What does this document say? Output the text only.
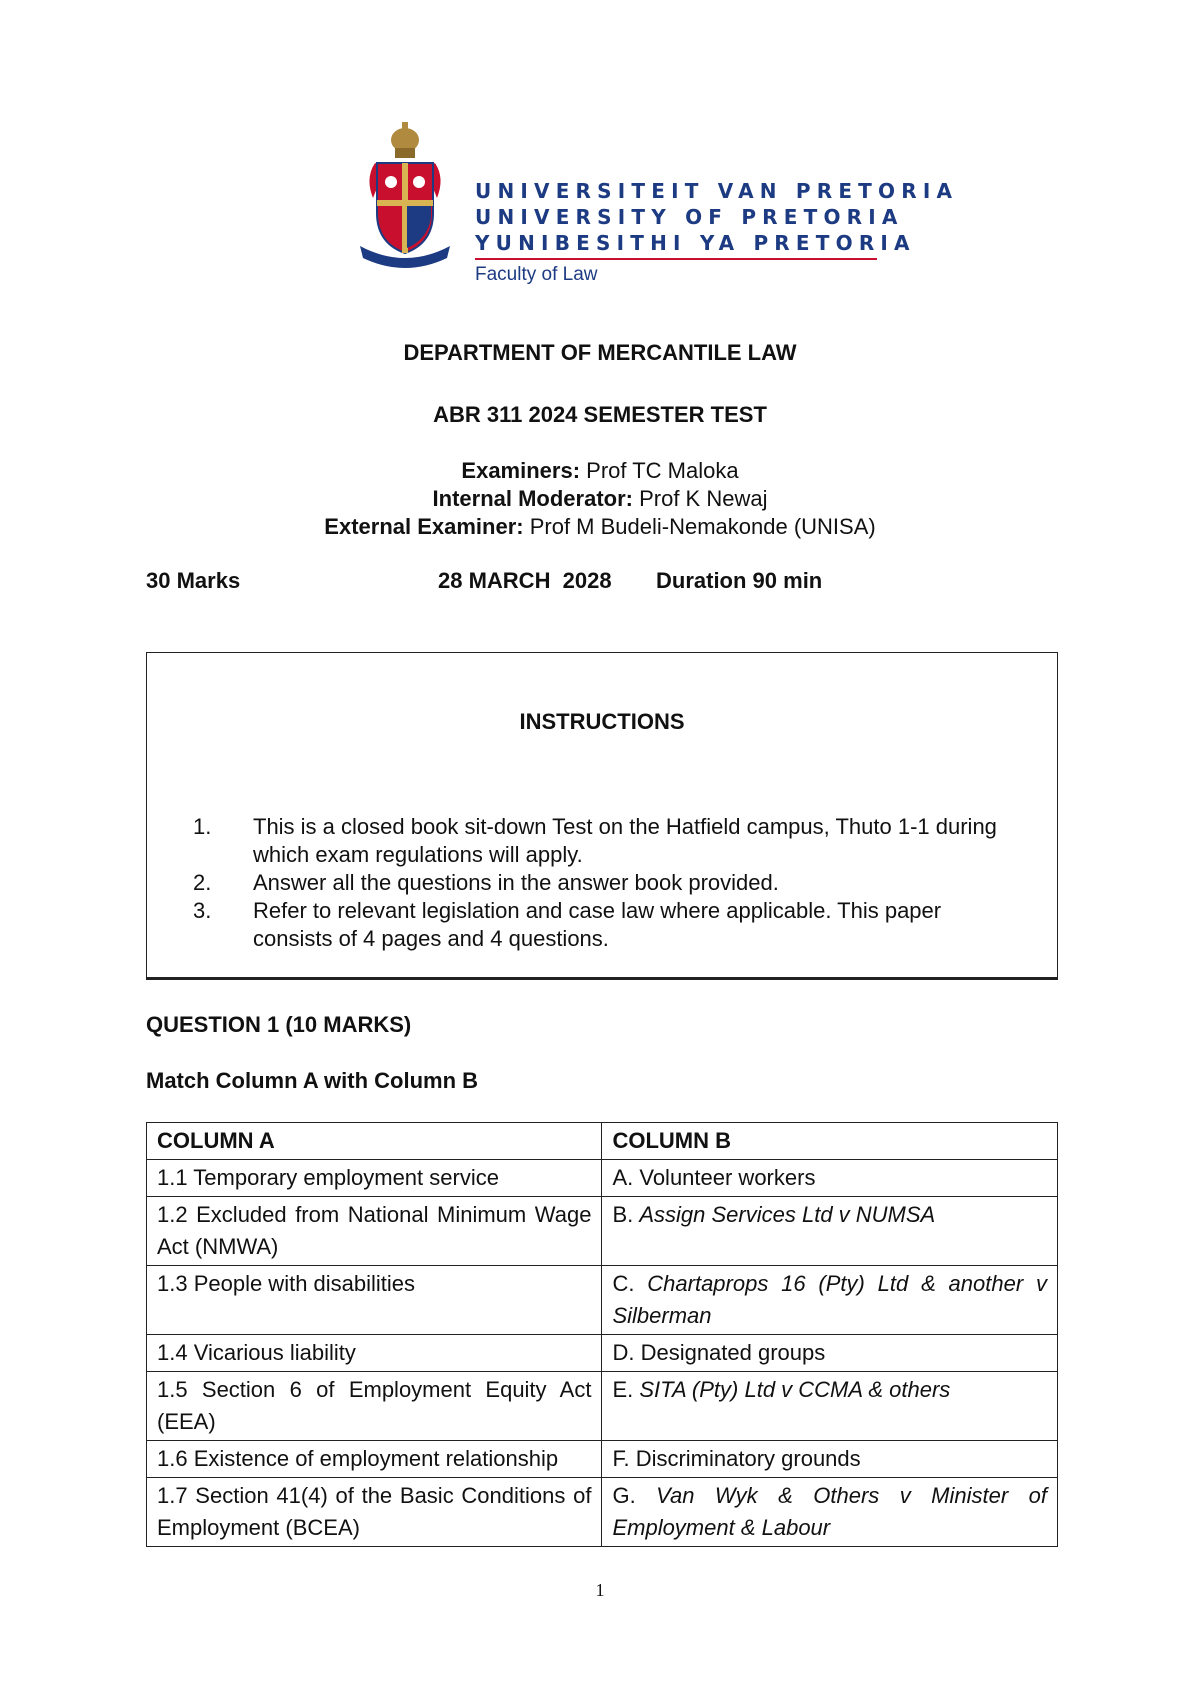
UNIVERSITEIT VAN PRETORIA
UNIVERSITY OF PRETORIA
YUNIBESITHI YA PRETORIA
Faculty of Law
DEPARTMENT OF MERCANTILE LAW
ABR 311 2024 SEMESTER TEST
Examiners: Prof TC Maloka
Internal Moderator: Prof K Newaj
External Examiner: Prof M Budeli-Nemakonde (UNISA)
30 Marks	28 MARCH  2028 Duration 90 min
INSTRUCTIONS
1. This is a closed book sit-down Test on the Hatfield campus, Thuto 1-1 during which exam regulations will apply.
2. Answer all the questions in the answer book provided.
3. Refer to relevant legislation and case law where applicable. This paper consists of 4 pages and 4 questions.
QUESTION 1 (10 MARKS)
Match Column A with Column B
COLUMN A	COLUMN B
1.1 Temporary employment service	A. Volunteer workers
1.2 Excluded from National Minimum Wage Act (NMWA)	B. Assign Services Ltd v NUMSA
1.3 People with disabilities	C. Chartaprops 16 (Pty) Ltd & another v Silberman
1.4 Vicarious liability	D. Designated groups
1.5 Section 6 of Employment Equity Act (EEA)	E. SITA (Pty) Ltd v CCMA & others
1.6 Existence of employment relationship	F. Discriminatory grounds
1.7 Section 41(4) of the Basic Conditions of Employment (BCEA)	G. Van Wyk & Others v Minister of Employment & Labour
1
